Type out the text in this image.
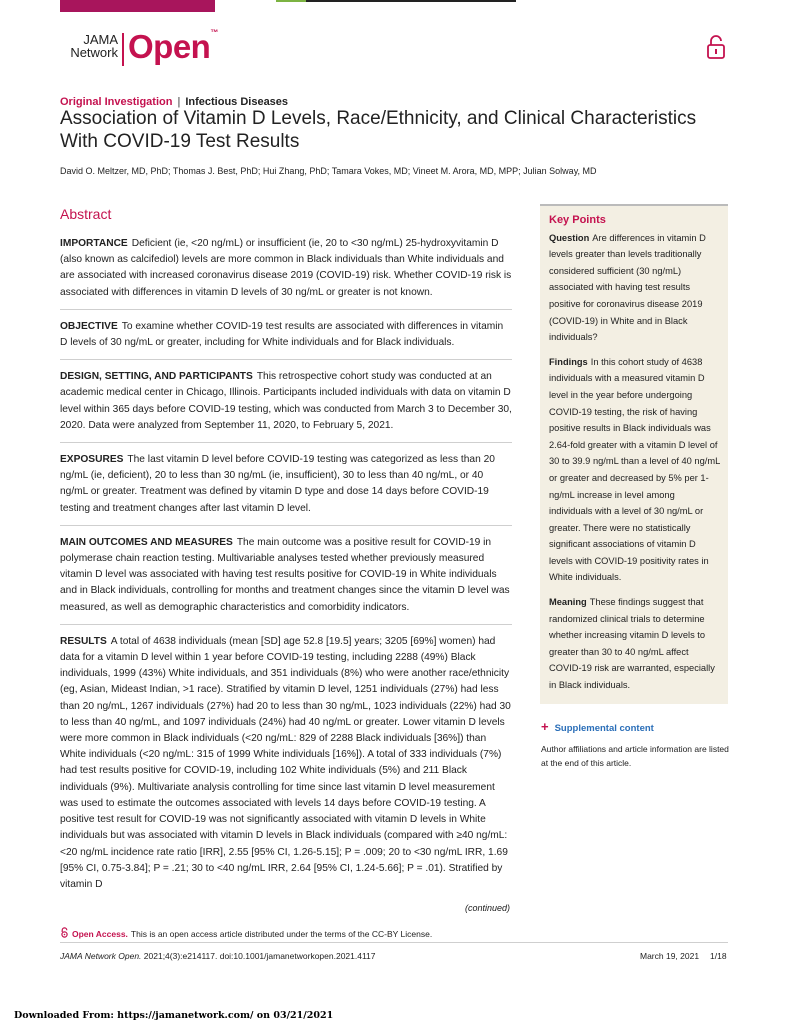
JAMA
Network Open™
Original Investigation | Infectious Diseases
Association of Vitamin D Levels, Race/Ethnicity, and Clinical Characteristics With COVID-19 Test Results
David O. Meltzer, MD, PhD; Thomas J. Best, PhD; Hui Zhang, PhD; Tamara Vokes, MD; Vineet M. Arora, MD, MPP; Julian Solway, MD
Abstract

IMPORTANCE Deficient (ie, <20 ng/mL) or insufficient (ie, 20 to <30 ng/mL) 25-hydroxyvitamin D (also known as calcifediol) levels are more common in Black individuals than White individuals and are associated with increased coronavirus disease 2019 (COVID-19) risk. Whether COVID-19 risk is associated with differences in vitamin D levels of 30 ng/mL or greater is not known.

OBJECTIVE To examine whether COVID-19 test results are associated with differences in vitamin D levels of 30 ng/mL or greater, including for White individuals and for Black individuals.

DESIGN, SETTING, AND PARTICIPANTS This retrospective cohort study was conducted at an academic medical center in Chicago, Illinois. Participants included individuals with data on vitamin D level within 365 days before COVID-19 testing, which was conducted from March 3 to December 30, 2020. Data were analyzed from September 11, 2020, to February 5, 2021.

EXPOSURES The last vitamin D level before COVID-19 testing was categorized as less than 20 ng/mL (ie, deficient), 20 to less than 30 ng/mL (ie, insufficient), 30 to less than 40 ng/mL, or 40 ng/mL or greater. Treatment was defined by vitamin D type and dose 14 days before COVID-19 testing and treatment changes after last vitamin D level.

MAIN OUTCOMES AND MEASURES The main outcome was a positive result for COVID-19 in polymerase chain reaction testing. Multivariable analyses tested whether previously measured vitamin D level was associated with having test results positive for COVID-19 in White individuals and in Black individuals, controlling for months and treatment changes since the vitamin D level was measured, as well as demographic characteristics and comorbidity indicators.

RESULTS A total of 4638 individuals (mean [SD] age 52.8 [19.5] years; 3205 [69%] women) had data for a vitamin D level within 1 year before COVID-19 testing, including 2288 (49%) Black individuals, 1999 (43%) White individuals, and 351 individuals (8%) who were another race/ethnicity (eg, Asian, Mideast Indian, >1 race). Stratified by vitamin D level, 1251 individuals (27%) had less than 20 ng/mL, 1267 individuals (27%) had 20 to less than 30 ng/mL, 1023 individuals (22%) had 30 to less than 40 ng/mL, and 1097 individuals (24%) had 40 ng/mL or greater. Lower vitamin D levels were more common in Black individuals (<20 ng/mL: 829 of 2288 Black individuals [36%]) than White individuals (<20 ng/mL: 315 of 1999 White individuals [16%]). A total of 333 individuals (7%) had test results positive for COVID-19, including 102 White individuals (5%) and 211 Black individuals (9%). Multivariate analysis controlling for time since last vitamin D level measurement was used to estimate the outcomes associated with levels 14 days before COVID-19 testing. A positive test result for COVID-19 was not significantly associated with vitamin D levels in White individuals but was associated with vitamin D levels in Black individuals (compared with ≥40 ng/mL: <20 ng/mL incidence rate ratio [IRR], 2.55 [95% CI, 1.26-5.15]; P = .009; 20 to <30 ng/mL IRR, 1.69 [95% CI, 0.75-3.84]; P = .21; 30 to <40 ng/mL IRR, 2.64 [95% CI, 1.24-5.66]; P = .01). Stratified by vitamin D

(continued)
Key Points

Question Are differences in vitamin D levels greater than levels traditionally considered sufficient (30 ng/mL) associated with having test results positive for coronavirus disease 2019 (COVID-19) in White and in Black individuals?

Findings In this cohort study of 4638 individuals with a measured vitamin D level in the year before undergoing COVID-19 testing, the risk of having positive results in Black individuals was 2.64-fold greater with a vitamin D level of 30 to 39.9 ng/mL than a level of 40 ng/mL or greater and decreased by 5% per 1-ng/mL increase in level among individuals with a level of 30 ng/mL or greater. There were no statistically significant associations of vitamin D levels with COVID-19 positivity rates in White individuals.

Meaning These findings suggest that randomized clinical trials to determine whether increasing vitamin D levels to greater than 30 to 40 ng/mL affect COVID-19 risk are warranted, especially in Black individuals.

+ Supplemental content
Author affiliations and article information are listed at the end of this article.
Open Access. This is an open access article distributed under the terms of the CC-BY License.
JAMA Network Open. 2021;4(3):e214117. doi:10.1001/jamanetworkopen.2021.4117	March 19, 2021 1/18
Downloaded From: https://jamanetwork.com/ on 03/21/2021
